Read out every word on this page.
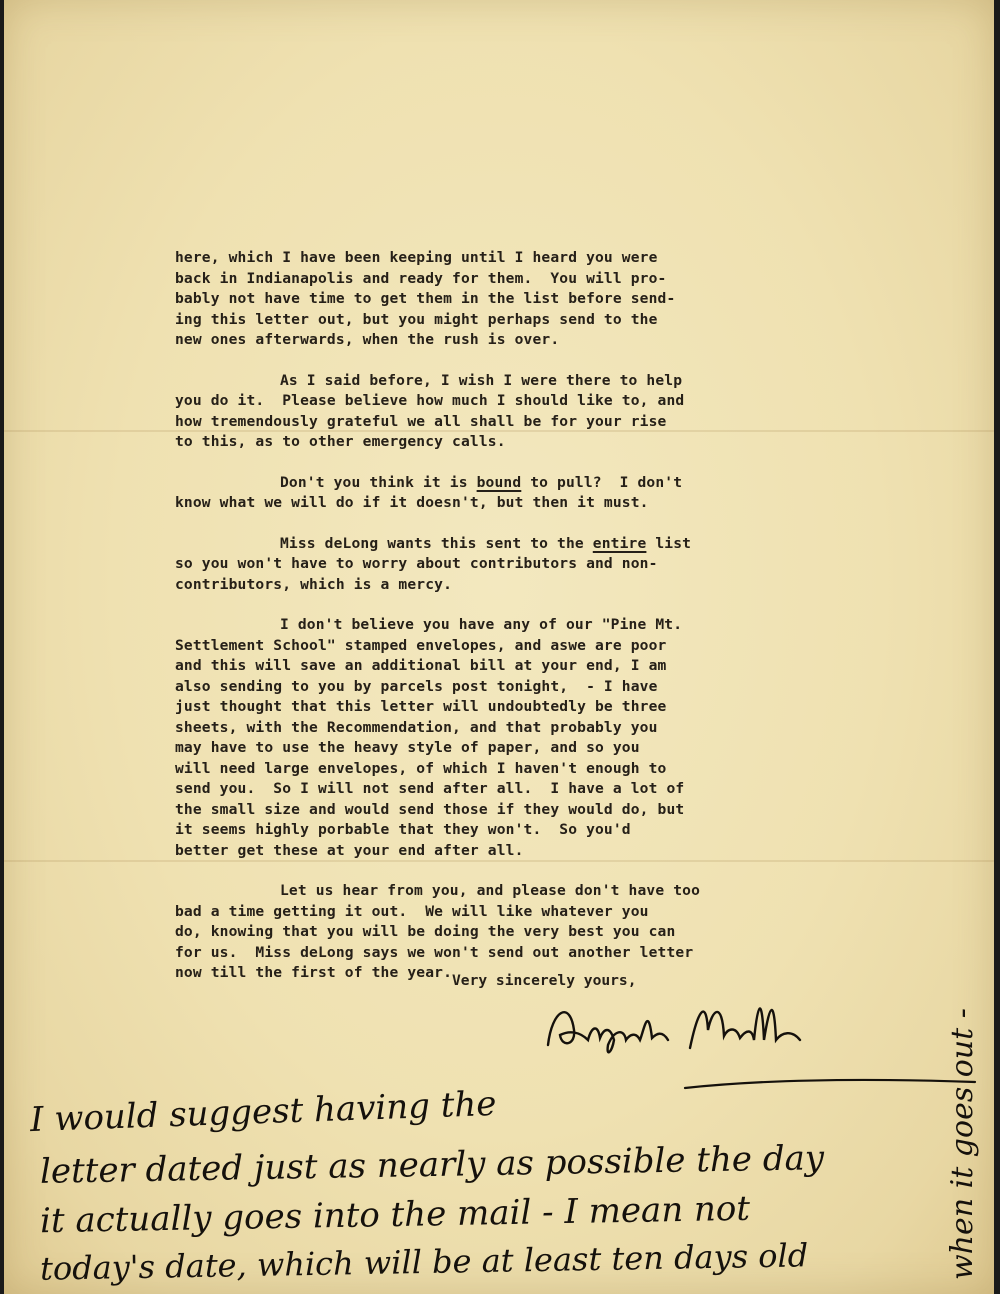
here, which I have been keeping until I heard you were
back in Indianapolis and ready for them.  You will pro-
bably not have time to get them in the list before send-
ing this letter out, but you might perhaps send to the
new ones afterwards, when the rush is over.
As I said before, I wish I were there to help
you do it.  Please believe how much I should like to, and
how tremendously grateful we all shall be for your rise
to this, as to other emergency calls.
Don't you think it is bound to pull?  I don't
know what we will do if it doesn't, but then it must.
Miss deLong wants this sent to the entire list
so you won't have to worry about contributors and non-
contributors, which is a mercy.
I don't believe you have any of our "Pine Mt.
Settlement School" stamped envelopes, and aswe are poor
and this will save an additional bill at your end, I am
also sending to you by parcels post tonight,  - I have
just thought that this letter will undoubtedly be three
sheets, with the Recommendation, and that probably you
may have to use the heavy style of paper, and so you
will need large envelopes, of which I haven't enough to
send you.  So I will not send after all.  I have a lot of
the small size and would send those if they would do, but
it seems highly porbable that they won't.  So you'd
better get these at your end after all.
Let us hear from you, and please don't have too
bad a time getting it out.  We will like whatever you
do, knowing that you will be doing the very best you can
for us.  Miss deLong says we won't send out another letter
now till the first of the year. Very sincerely yours,
I would suggest having the
letter dated just as nearly as possible the day
it actually goes into the mail - I mean not
today's date, which will be at least ten days old	when it goes out -
